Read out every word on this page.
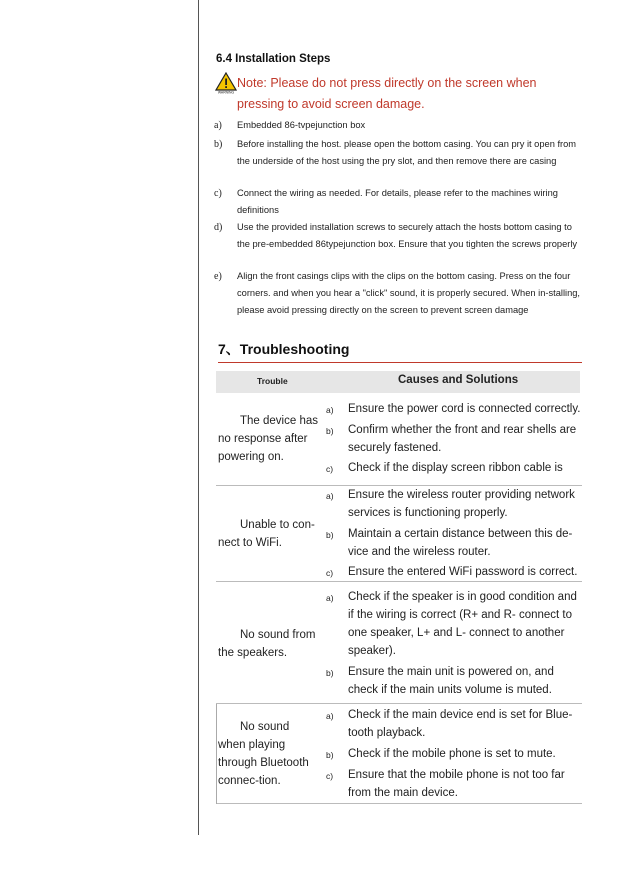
6.4 Installation Steps
WARNING
Note: Please do not press directly on the screen when pressing to avoid screen damage.
a) Embedded 86-tvpejunction box
b) Before installing the host. please open the bottom casing. You can pry it open from the underside of the host using the pry slot, and then remove there are casing
c) Connect the wiring as needed. For details, please refer to the machines wiring definitions
d) Use the provided installation screws to securely attach the hosts bottom casing to the pre-embedded 86typejunction box. Ensure that you tighten the screws properly
e) Align the front casings clips with the clips on the bottom casing. Press on the four corners. and when you hear a "click" sound, it is properly secured. When in-stalling, please avoid pressing directly on the screen to prevent screen damage
7、Troubleshooting
Trouble	Causes and Solutions
The device has no response after powering on.
a) Ensure the power cord is connected correctly.
b) Confirm whether the front and rear shells are securely fastened.
c) Check if the display screen ribbon cable is
Unable to con-nect to WiFi.
a) Ensure the wireless router providing network services is functioning properly.
b) Maintain a certain distance between this de-vice and the wireless router.
c) Ensure the entered WiFi password is correct.
No sound from the speakers.
a) Check if the speaker is in good condition and if the wiring is correct (R+ and R- connect to one speaker, L+ and L- connect to another speaker).
b) Ensure the main unit is powered on, and check if the main units volume is muted.
No sound when playing through Bluetooth connec-tion.
a) Check if the main device end is set for Blue-tooth playback.
b) Check if the mobile phone is set to mute.
c) Ensure that the mobile phone is not too far from the main device.
